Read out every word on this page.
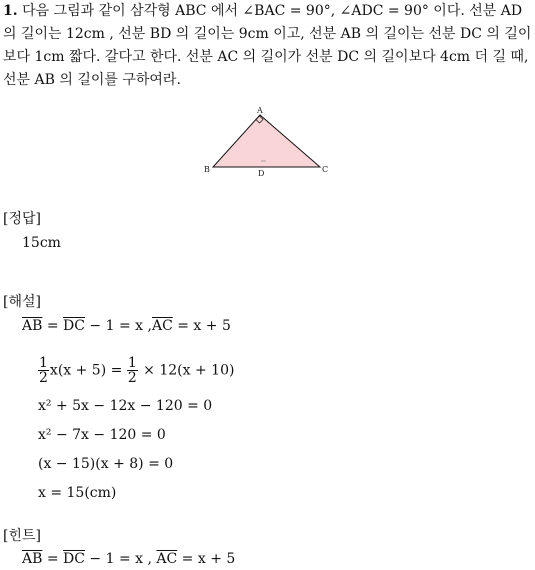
1. 다음 그림과 같이 삼각형 ABC 에서 ∠BAC = 90°, ∠ADC = 90° 이다. 선분 AD 의 길이는 12cm , 선분 BD 의 길이는 9cm 이고, 선분 AB 의 길이는 선분 DC 의 길이보다 1cm 짧다. 갈다고 한다. 선분 AC 의 길이가 선분 DC 의 길이보다 4cm 더 길 때, 선분 AB 의 길이를 구하여라.

A
B	C
D
[정답]
15cm
[해설]
$\overline{AB} = \overline{DC} - 1 = x$ $,\overline{AC} = x + 5$
$\frac{1}{2} x(x + 5) = \frac{1}{2} \times 12(x + 10)$
x² + 5x − 12x − 120 = 0
x² − 7x − 120 = 0
(x − 15)(x + 8) = 0
x = 15(cm)
[힌트]
$\overline{AB} = \overline{DC} - 1 = x$ , $\overline{AC} = x + 5$
